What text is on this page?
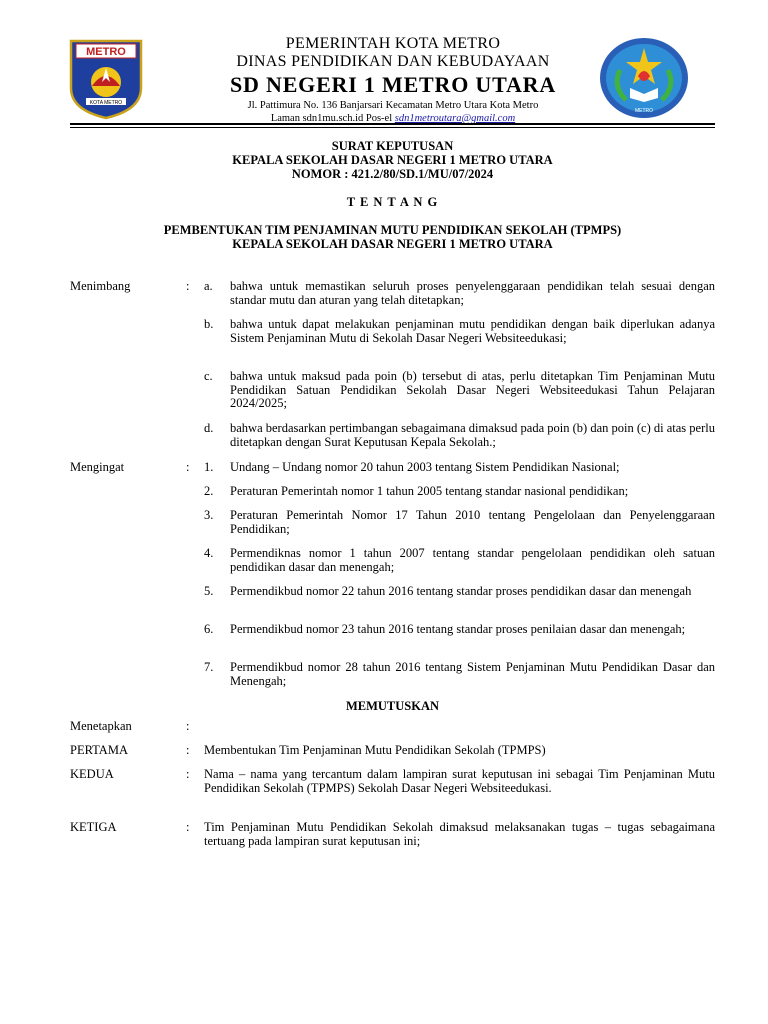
METRO
KOTA METRO
METRO
PEMERINTAH KOTA METRO
DINAS PENDIDIKAN DAN KEBUDAYAAN
SD NEGERI 1 METRO UTARA
Jl. Pattimura No. 136 Banjarsari Kecamatan Metro Utara Kota Metro
Laman sdn1mu.sch.id Pos-el sdn1metroutara@gmail.com
SURAT KEPUTUSAN
KEPALA SEKOLAH DASAR NEGERI 1 METRO UTARA
NOMOR : 421.2/80/SD.1/MU/07/2024
T E N T A N G
PEMBENTUKAN TIM PENJAMINAN MUTU PENDIDIKAN SEKOLAH (TPMPS)
KEPALA SEKOLAH DASAR NEGERI 1 METRO UTARA
Menimbang	: a. bahwa untuk memastikan seluruh proses penyelenggaraan pendidikan telah sesuai dengan standar mutu dan aturan yang telah ditetapkan;
b. bahwa untuk dapat melakukan penjaminan mutu pendidikan dengan baik diperlukan adanya Sistem Penjaminan Mutu di Sekolah Dasar Negeri Websiteedukasi;
c. bahwa untuk maksud pada poin (b) tersebut di atas, perlu ditetapkan Tim Penjaminan Mutu Pendidikan Satuan Pendidikan Sekolah Dasar Negeri Websiteedukasi Tahun Pelajaran 2024/2025;
d. bahwa berdasarkan pertimbangan sebagaimana dimaksud pada poin (b) dan poin (c) di atas perlu ditetapkan dengan Surat Keputusan Kepala Sekolah.;
Mengingat	: 1. Undang – Undang nomor 20 tahun 2003 tentang Sistem Pendidikan Nasional;
2. Peraturan Pemerintah nomor 1 tahun 2005 tentang standar nasional pendidikan;
3. Peraturan Pemerintah Nomor 17 Tahun 2010 tentang Pengelolaan dan Penyelenggaraan Pendidikan;
4. Permendiknas nomor 1 tahun 2007 tentang standar pengelolaan pendidikan oleh satuan pendidikan dasar dan menengah;
5. Permendikbud nomor 22 tahun 2016 tentang standar proses pendidikan dasar dan menengah
6. Permendikbud nomor 23 tahun 2016 tentang standar proses penilaian dasar dan menengah;
7. Permendikbud nomor 28 tahun 2016 tentang Sistem Penjaminan Mutu Pendidikan Dasar dan Menengah;
MEMUTUSKAN
Menetapkan	:
PERTAMA	: Membentukan Tim Penjaminan Mutu Pendidikan Sekolah (TPMPS)
KEDUA	: Nama – nama yang tercantum dalam lampiran surat keputusan ini sebagai Tim Penjaminan Mutu Pendidikan Sekolah (TPMPS) Sekolah Dasar Negeri Websiteedukasi.
KETIGA	: Tim Penjaminan Mutu Pendidikan Sekolah dimaksud melaksanakan tugas – tugas sebagaimana tertuang pada lampiran surat keputusan ini;
